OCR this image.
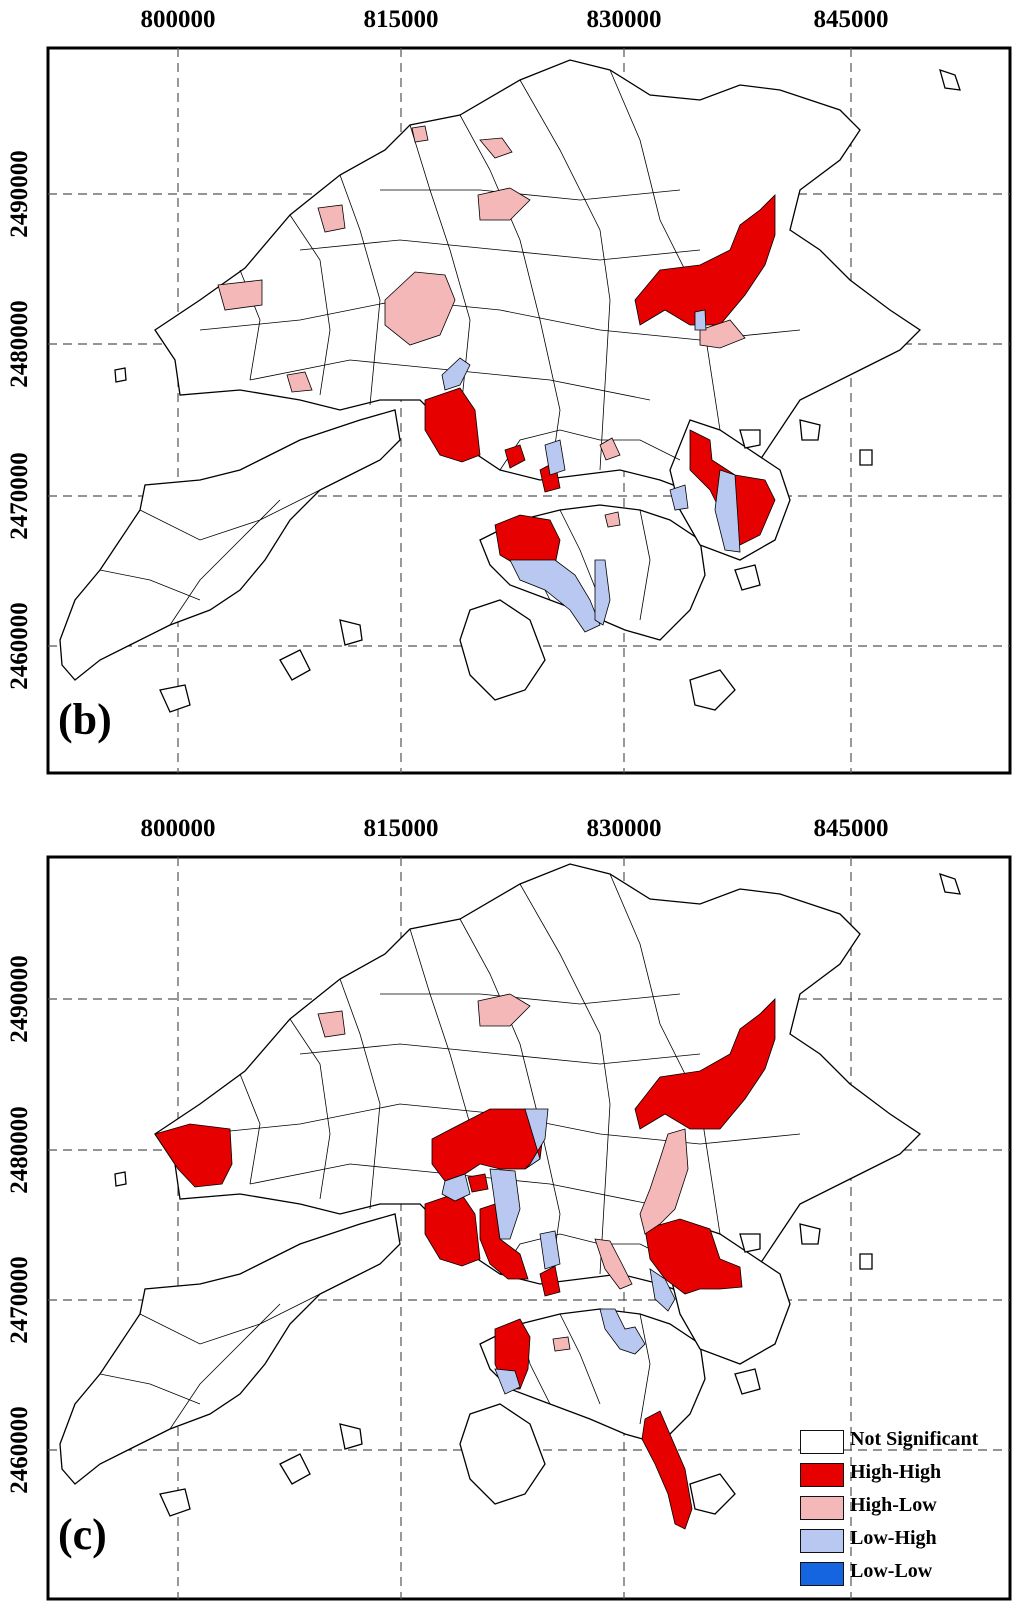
800000	815000	830000	845000
2490000
2480000
2470000
2460000
(b)
800000	815000	830000	845000
2490000
2480000
2470000
2460000
(c)
Not Significant
High-High
High-Low
Low-High
Low-Low
